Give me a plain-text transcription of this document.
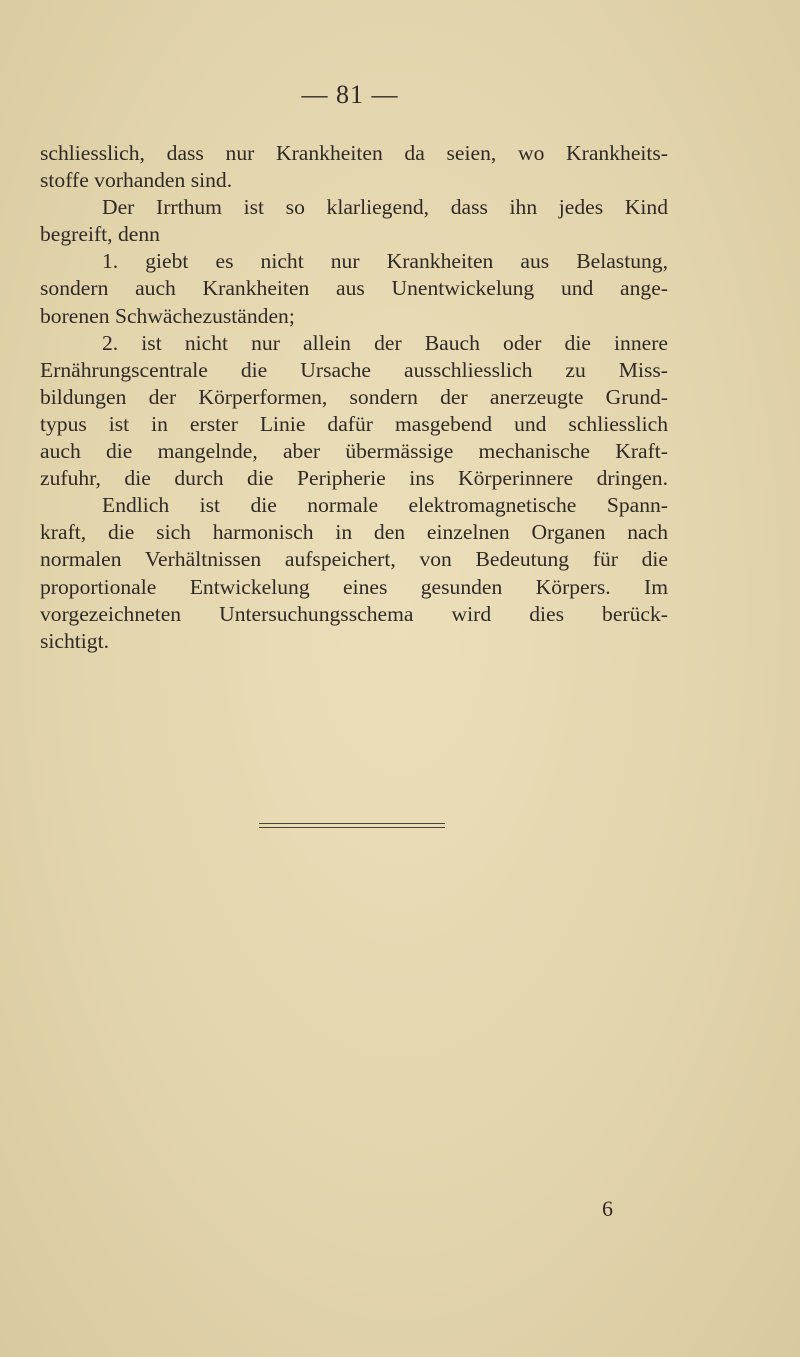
— 81 —
schliesslich, dass nur Krankheiten da seien, wo Krankheits-
stoffe vorhanden sind.
Der Irrthum ist so klarliegend, dass ihn jedes Kind
begreift, denn
1. giebt es nicht nur Krankheiten aus Belastung,
sondern auch Krankheiten aus Unentwickelung und ange-
borenen Schwächezuständen;
2. ist nicht nur allein der Bauch oder die innere
Ernährungscentrale die Ursache ausschliesslich zu Miss-
bildungen der Körperformen, sondern der anerzeugte Grund-
typus ist in erster Linie dafür masgebend und schliesslich
auch die mangelnde, aber übermässige mechanische Kraft-
zufuhr, die durch die Peripherie ins Körperinnere dringen.
Endlich ist die normale elektromagnetische Spann-
kraft, die sich harmonisch in den einzelnen Organen nach
normalen Verhältnissen aufspeichert, von Bedeutung für die
proportionale Entwickelung eines gesunden Körpers. Im
vorgezeichneten Untersuchungsschema wird dies berück-
sichtigt.
6
